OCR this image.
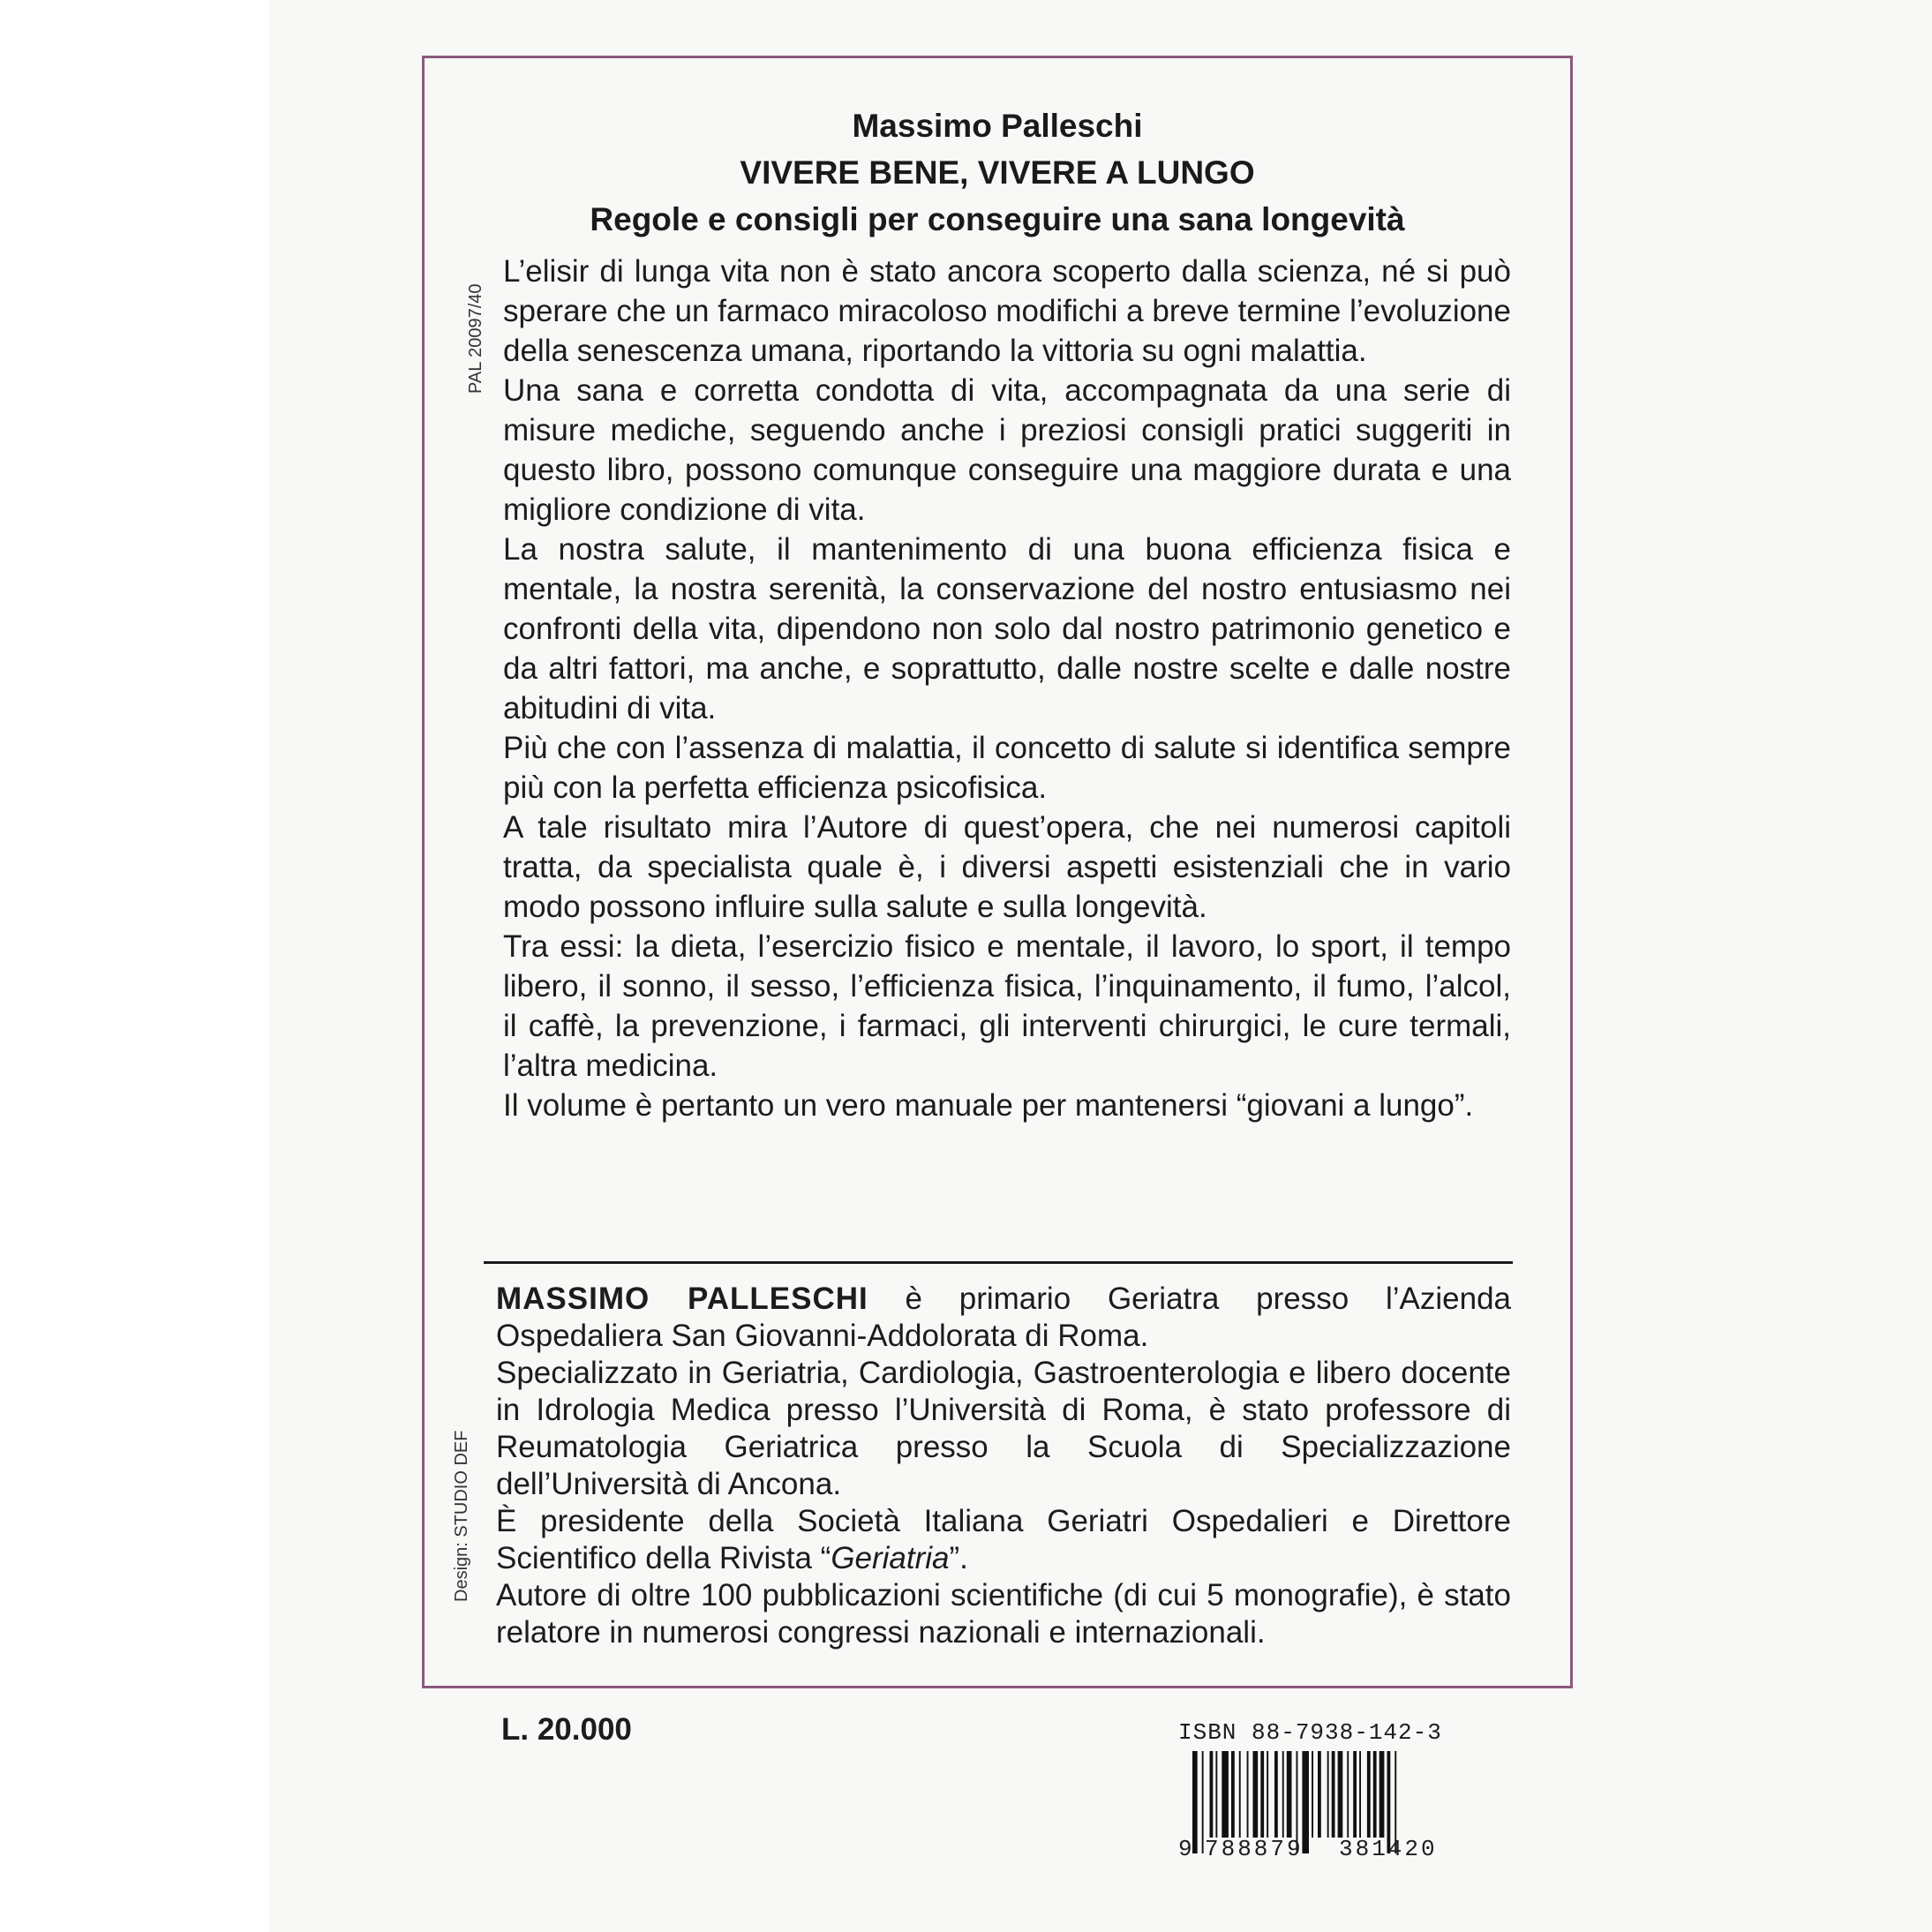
Massimo Palleschi
VIVERE BENE, VIVERE A LUNGO
Regole e consigli per conseguire una sana longevità
PAL 20097/40

L’elisir di lunga vita non è stato ancora scoperto dalla scienza, né si può sperare che un farmaco miracoloso modifichi a breve termine l’evoluzione della senescenza umana, riportando la vittoria su ogni malattia.

Una sana e corretta condotta di vita, accompagnata da una serie di misure mediche, seguendo anche i preziosi consigli pratici suggeriti in questo libro, possono comunque conseguire una maggiore durata e una migliore condizione di vita.

La nostra salute, il mantenimento di una buona efficienza fisica e mentale, la nostra serenità, la conservazione del nostro entusiasmo nei confronti della vita, dipendono non solo dal nostro patrimonio genetico e da altri fattori, ma anche, e soprattutto, dalle nostre scelte e dalle nostre abitudini di vita.

Più che con l’assenza di malattia, il concetto di salute si identifica sempre più con la perfetta efficienza psicofisica.

A tale risultato mira l’Autore di quest’opera, che nei numerosi capitoli tratta, da specialista quale è, i diversi aspetti esistenziali che in vario modo possono influire sulla salute e sulla longevità.

Tra essi: la dieta, l’esercizio fisico e mentale, il lavoro, lo sport, il tempo libero, il sonno, il sesso, l’efficienza fisica, l’inquinamento, il fumo, l’alcol, il caffè, la prevenzione, i farmaci, gli interventi chirurgici, le cure termali, l’altra medicina.

Il volume è pertanto un vero manuale per mantenersi “giovani a lungo”.

MASSIMO PALLESCHI è primario Geriatra presso l’Azienda Ospedaliera San Giovanni-Addolorata di Roma.

Specializzato in Geriatria, Cardiologia, Gastroenterologia e libero docente in Idrologia Medica presso l’Università di Roma, è stato professore di Reumatologia Geriatrica presso la Scuola di Specializzazione dell’Università di Ancona.

È presidente della Società Italiana Geriatri Ospedalieri e Direttore Scientifico della Rivista “Geriatria”.

Autore di oltre 100 pubblicazioni scientifiche (di cui 5 monografie), è stato relatore in numerosi congressi nazionali e internazionali.

Design: STUDIO DEF
L. 20.000	ISBN 88-7938-142-3
9 788879 381420
